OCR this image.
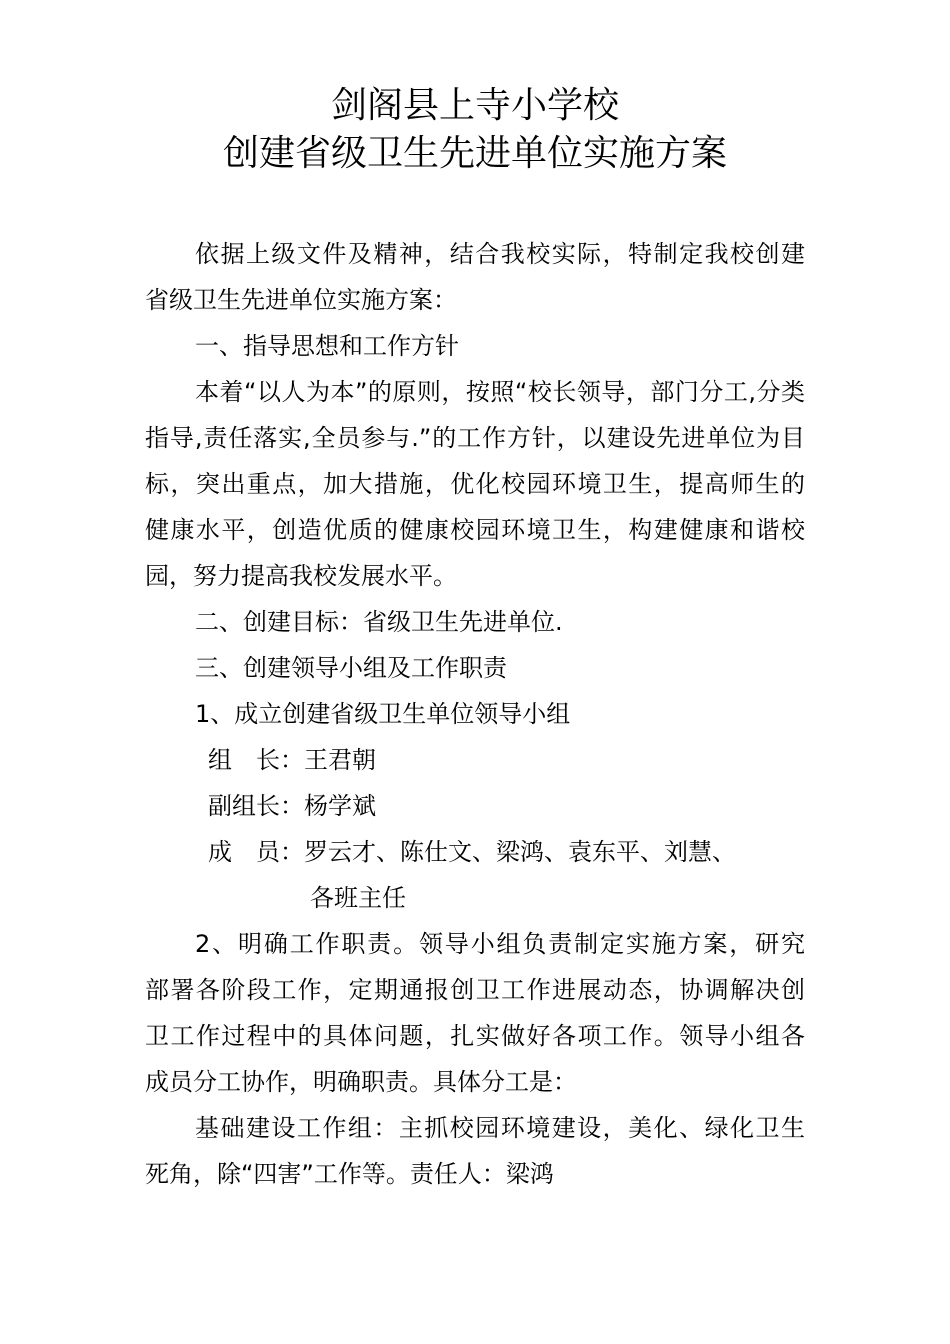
剑阁县上寺小学校
创建省级卫生先进单位实施方案
依据上级文件及精神，结合我校实际，特制定我校创建
省级卫生先进单位实施方案：
一、指导思想和工作方针
本着“以人为本”的原则，按照“校长领导，部门分工,分类
指导,责任落实,全员参与.”的工作方针，以建设先进单位为目
标，突出重点，加大措施，优化校园环境卫生，提高师生的
健康水平，创造优质的健康校园环境卫生，构建健康和谐校
园，努力提高我校发展水平。
二、创建目标：省级卫生先进单位.
三、创建领导小组及工作职责
1、成立创建省级卫生单位领导小组
组　长：王君朝
副组长：杨学斌
成　员：罗云才、陈仕文、梁鸿、袁东平、刘慧、
各班主任
2、明确工作职责。领导小组负责制定实施方案，研究
部署各阶段工作，定期通报创卫工作进展动态，协调解决创
卫工作过程中的具体问题，扎实做好各项工作。领导小组各
成员分工协作，明确职责。具体分工是：
基础建设工作组：主抓校园环境建设，美化、绿化卫生
死角，除“四害”工作等。责任人：梁鸿
